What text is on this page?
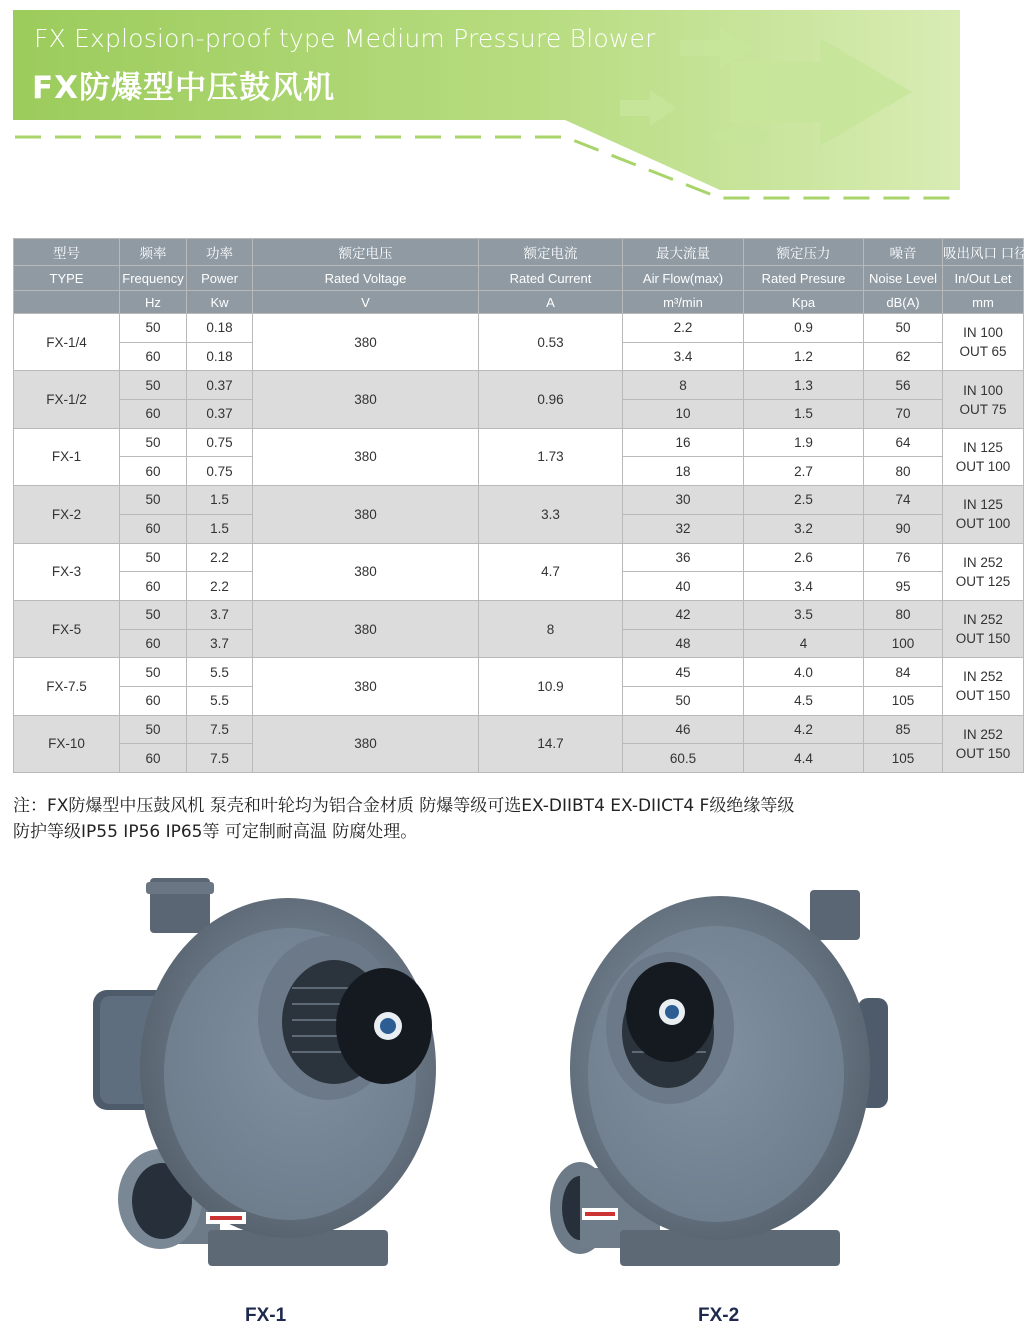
FX Explosion-proof type Medium Pressure Blower
FX防爆型中压鼓风机
型号	频率	功率	额定电压	额定电流	最大流量	额定压力	噪音	吸出风口 口径
TYPE	Frequency	Power	Rated Voltage	Rated Current	Air Flow(max)	Rated Presure	Noise Level	In/Out Let
	Hz	Kw	V	A	m³/min	Kpa	dB(A)	mm
FX-1/4	50	0.18	380	0.53	2.2	0.9	50	IN 100
OUT 65
	60	0.18			3.4	1.2	62	
FX-1/2	50	0.37	380	0.96	8	1.3	56	IN 100
OUT 75
	60	0.37			10	1.5	70	
FX-1	50	0.75	380	1.73	16	1.9	64	IN 125
OUT 100
	60	0.75			18	2.7	80	
FX-2	50	1.5	380	3.3	30	2.5	74	IN 125
OUT 100
	60	1.5			32	3.2	90	
FX-3	50	2.2	380	4.7	36	2.6	76	IN 252
OUT 125
	60	2.2			40	3.4	95	
FX-5	50	3.7	380	8	42	3.5	80	IN 252
OUT 150
	60	3.7			48	4	100	
FX-7.5	50	5.5	380	10.9	45	4.0	84	IN 252
OUT 150
	60	5.5			50	4.5	105	
FX-10	50	7.5	380	14.7	46	4.2	85	IN 252
OUT 150
	60	7.5			60.5	4.4	105	

注：FX防爆型中压鼓风机 泵壳和叶轮均为铝合金材质 防爆等级可选EX-DIIBT4 EX-DIICT4 F级绝缘等级

防护等级IP55 IP56 IP65等 可定制耐高温 防腐处理。

FX-1	FX-2
